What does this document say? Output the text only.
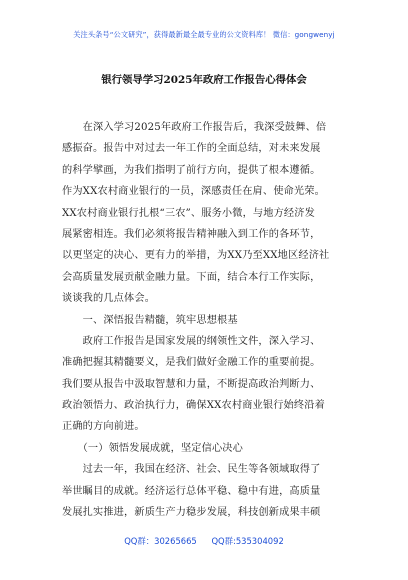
关注头条号“公文研究”，获得最新最全最专业的公文资料库！ 微信：gongwenyj
银行领导学习2025年政府工作报告心得体会
　　在深入学习2025年政府工作报告后，我深受鼓舞、倍
感振奋。报告中对过去一年工作的全面总结，对未来发展
的科学擘画，为我们指明了前行方向，提供了根本遵循。
作为XX农村商业银行的一员，深感责任在肩、使命光荣。
XX农村商业银行扎根“三农”、服务小微，与地方经济发
展紧密相连。我们必须将报告精神融入到工作的各环节，
以更坚定的决心、更有力的举措，为XX乃至XX地区经济社
会高质量发展贡献金融力量。下面，结合本行工作实际，
谈谈我的几点体会。
　　一、深悟报告精髓，筑牢思想根基
　　政府工作报告是国家发展的纲领性文件，深入学习、
准确把握其精髓要义，是我们做好金融工作的重要前提。
我们要从报告中汲取智慧和力量，不断提高政治判断力、
政治领悟力、政治执行力，确保XX农村商业银行始终沿着
正确的方向前进。
　　（一）领悟发展成就，坚定信心决心
　　过去一年，我国在经济、社会、民生等各领域取得了
举世瞩目的成就。经济运行总体平稳、稳中有进，高质量
发展扎实推进，新质生产力稳步发展，科技创新成果丰硕
QQ群：30265665 QQ群:535304092
